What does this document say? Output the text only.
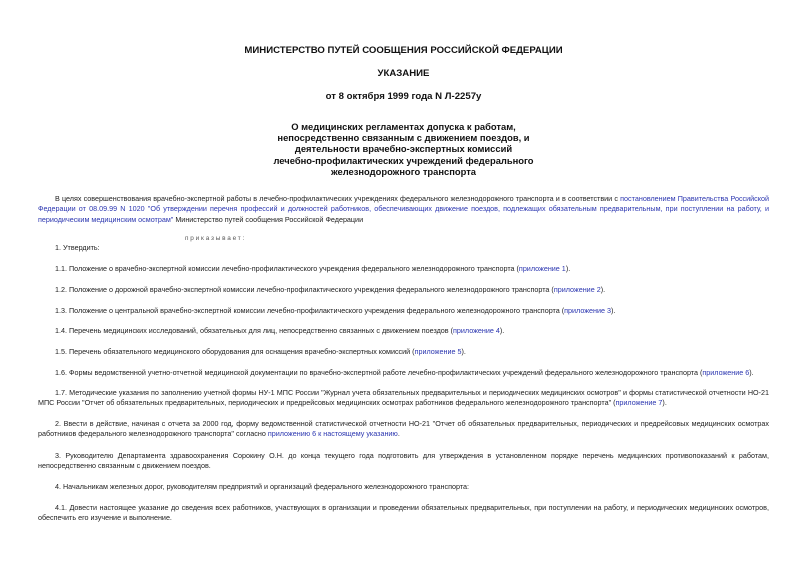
МИНИСТЕРСТВО ПУТЕЙ СООБЩЕНИЯ РОССИЙСКОЙ ФЕДЕРАЦИИ
УКАЗАНИЕ
от 8 октября 1999 года N Л-2257у
О медицинских регламентах допуска к работам,
непосредственно связанным с движением поездов, и
деятельности врачебно-экспертных комиссий
лечебно-профилактических учреждений федерального
железнодорожного транспорта
В целях совершенствования врачебно-экспертной работы в лечебно-профилактических учреждениях федерального железнодорожного транспорта и в соответствии с постановлением Правительства Российской Федерации от 08.09.99 N 1020 "Об утверждении перечня профессий и должностей работников, обеспечивающих движение поездов, подлежащих обязательным предварительным, при поступлении на работу, и периодическим медицинским осмотрам" Министерство путей сообщения Российской Федерации
приказывает:
1. Утвердить:
1.1. Положение о врачебно-экспертной комиссии лечебно-профилактического учреждения федерального железнодорожного транспорта (приложение 1).
1.2. Положение о дорожной врачебно-экспертной комиссии лечебно-профилактического учреждения федерального железнодорожного транспорта (приложение 2).
1.3. Положение о центральной врачебно-экспертной комиссии лечебно-профилактического учреждения федерального железнодорожного транспорта (приложение 3).
1.4. Перечень медицинских исследований, обязательных для лиц, непосредственно связанных с движением поездов (приложение 4).
1.5. Перечень обязательного медицинского оборудования для оснащения врачебно-экспертных комиссий (приложение 5).
1.6. Формы ведомственной учетно-отчетной медицинской документации по врачебно-экспертной работе лечебно-профилактических учреждений федерального железнодорожного транспорта (приложение 6).
1.7. Методические указания по заполнению учетной формы НУ-1 МПС России "Журнал учета обязательных предварительных и периодических медицинских осмотров" и формы статистической отчетности НО-21 МПС России "Отчет об обязательных предварительных, периодических и предрейсовых медицинских осмотрах работников федерального железнодорожного транспорта" (приложение 7).
2. Ввести в действие, начиная с отчета за 2000 год, форму ведомственной статистической отчетности НО-21 "Отчет об обязательных предварительных, периодических и предрейсовых медицинских осмотрах работников федерального железнодорожного транспорта" согласно приложению 6 к настоящему указанию.
3. Руководителю Департамента здравоохранения Сорокину О.Н. до конца текущего года подготовить для утверждения в установленном порядке перечень медицинских противопоказаний к работам, непосредственно связанным с движением поездов.
4. Начальникам железных дорог, руководителям предприятий и организаций федерального железнодорожного транспорта:
4.1. Довести настоящее указание до сведения всех работников, участвующих в организации и проведении обязательных предварительных, при поступлении на работу, и периодических медицинских осмотров, обеспечить его изучение и выполнение.
